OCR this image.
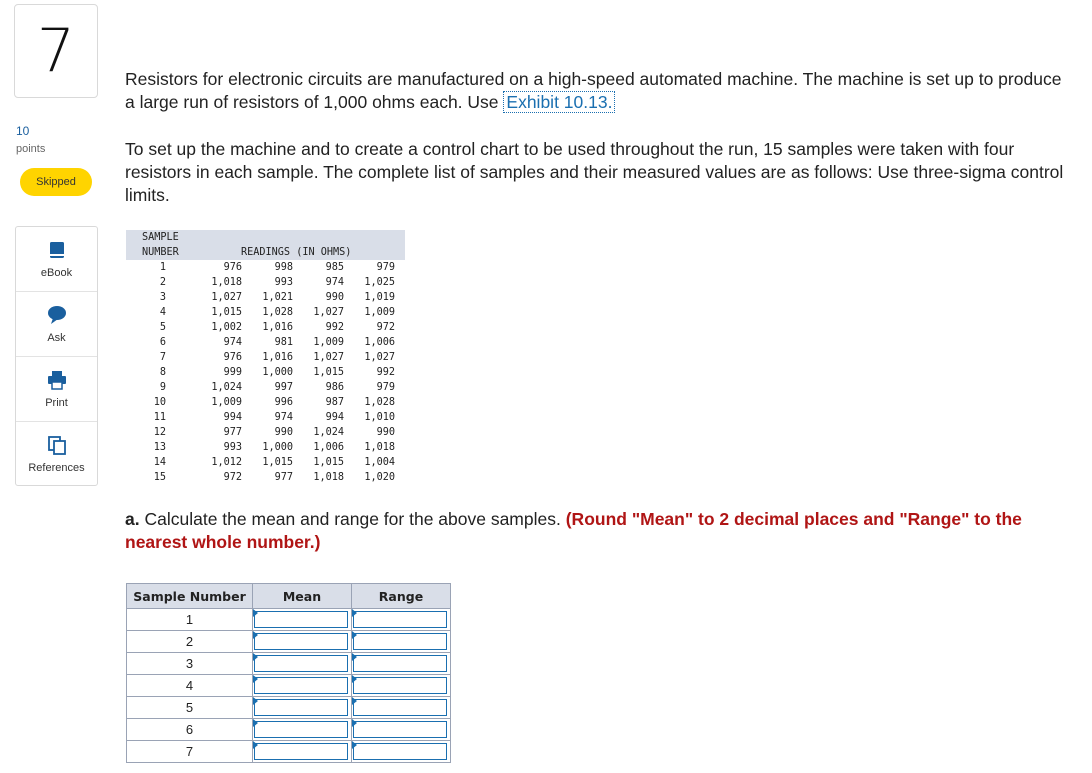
7
10
points
Skipped
eBook
Ask
Print
References
Resistors for electronic circuits are manufactured on a high-speed automated machine. The machine is set up to produce a large run of resistors of 1,000 ohms each. Use Exhibit 10.13.
To set up the machine and to create a control chart to be used throughout the run, 15 samples were taken with four resistors in each sample. The complete list of samples and their measured values are as follows: Use three-sigma control limits.
SAMPLE
NUMBER	READINGS (IN OHMS)
1	976	998	985	979
2	1,018	993	974	1,025
3	1,027	1,021	990	1,019
4	1,015	1,028	1,027	1,009
5	1,002	1,016	992	972
6	974	981	1,009	1,006
7	976	1,016	1,027	1,027
8	999	1,000	1,015	992
9	1,024	997	986	979
10	1,009	996	987	1,028
11	994	974	994	1,010
12	977	990	1,024	990
13	993	1,000	1,006	1,018
14	1,012	1,015	1,015	1,004
15	972	977	1,018	1,020
a. Calculate the mean and range for the above samples. (Round "Mean" to 2 decimal places and "Range" to the nearest whole number.)
Sample Number	Mean	Range
1		
2		
3		
4		
5		
6		
7		
